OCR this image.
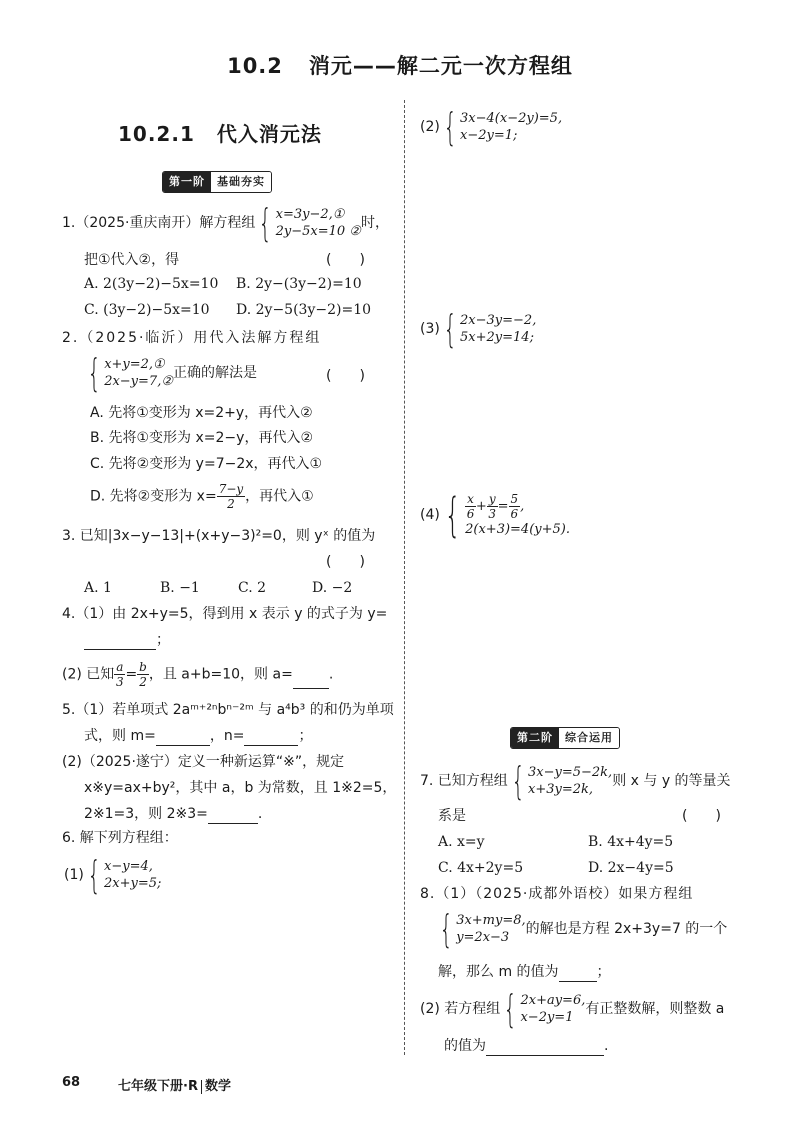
10.2 消元——解二元一次方程组
10.2.1 代入消元法
第一阶	基础夯实
1.（2025·重庆南开）解方程组 { x=3y−2,①
2y−5x=10 ②
时，
把①代入②，得	(　　)
A. 2(3y−2)−5x=10 B. 2y−(3y−2)=10
C. (3y−2)−5x=10 D. 2y−5(3y−2)=10
2.（2025·临沂）用代入法解方程组
{ x+y=2,①
2x−y=7,②
正确的解法是	(　　)
A. 先将①变形为 x=2+y，再代入②
B. 先将①变形为 x=2−y，再代入②
C. 先将②变形为 y=7−2x，再代入①
D. 先将②变形为 $x= \frac{7-y}{2}$ ，再代入①
3. 已知|3x−y−13|+(x+y−3)²=0，则 yˣ 的值为
(　　)
A. 1	B. −1	C. 2	D. −2
4.（1）由 2x+y=5，得到用 x 表示 y 的式子为 y=
；
(2) 已知 $\frac{a}{3} = \frac{b}{2}$ ，且 a+b=10，则 a=	.
5.（1）若单项式 2aᵐ⁺²ⁿbⁿ⁻²ᵐ 与 a⁴b³ 的和仍为单项
式，则 m=	，n=	；
(2)（2025·遂宁）定义一种新运算“※”，规定
x※y=ax+by²，其中 a，b 为常数，且 1※2=5，
2※1=3，则 2※3=	.
6. 解下列方程组：
(1) { x−y=4,
2x+y=5;
(2) { 3x−4(x−2y)=5,
x−2y=1;
(3) { 2x−3y=−2,
5x+2y=14;
(4) { $\frac{x}{6} + \frac{y}{3} = \frac{5}{6}$ ,
2(x+3)=4(y+5).
第二阶	综合运用
7. 已知方程组 { 3x−y=5−2k,
x+3y=2k,
则 x 与 y 的等量关
系是	(　　)
A. x=y	B. 4x+4y=5
C. 4x+2y=5	D. 2x−4y=5
8.（1）（2025·成都外语校）如果方程组
{ 3x+my=8,
y=2x−3
的解也是方程 2x+3y=7 的一个
解，那么 m 的值为	；
(2) 若方程组 { 2x+ay=6,
x−2y=1
有正整数解，则整数 a
的值为	.
68	七年级下册·R 数学
